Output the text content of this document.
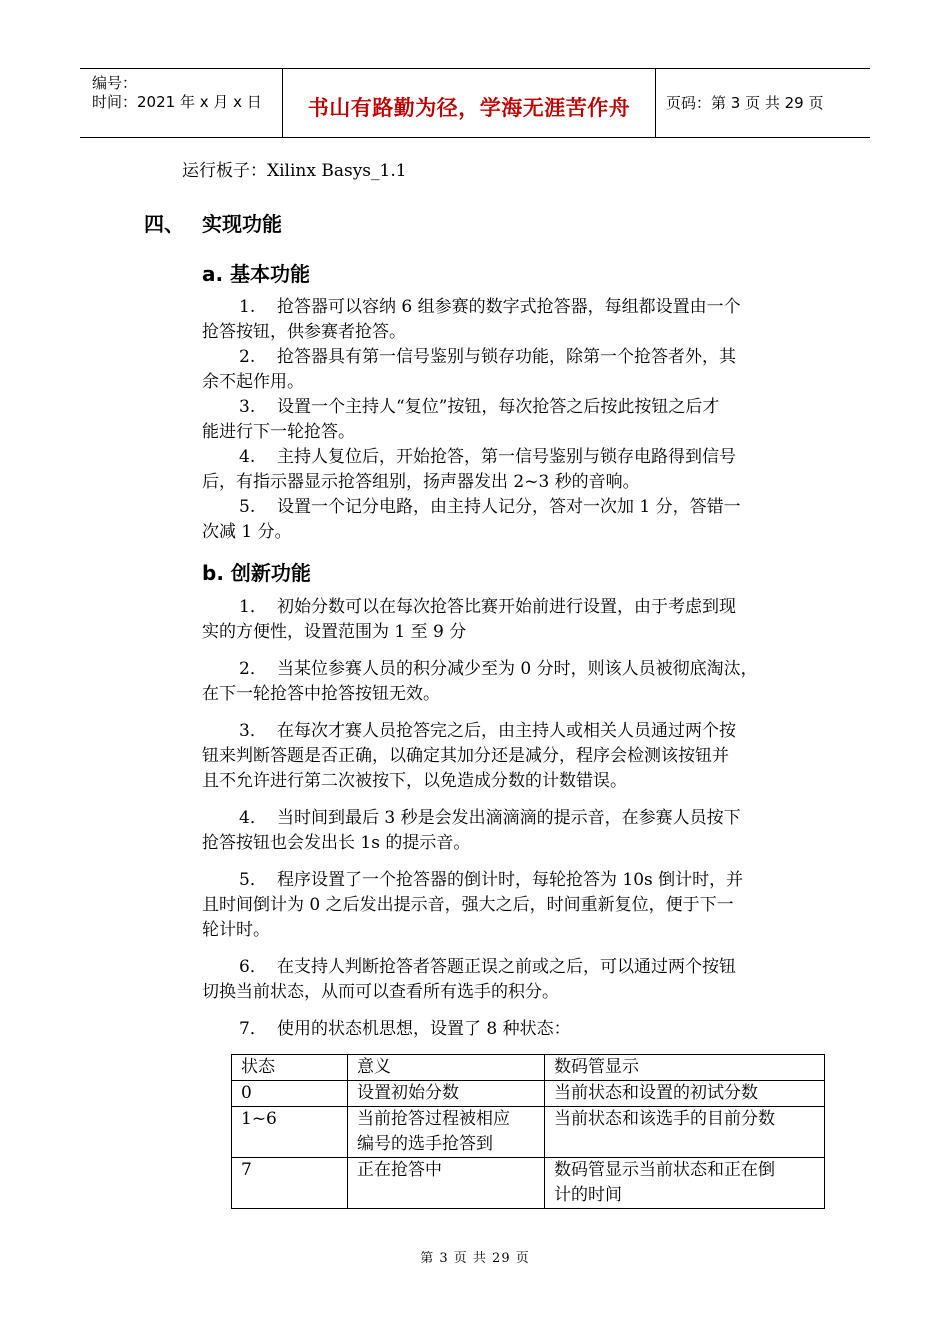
编号：
时间：2021 年 x 月 x 日	书山有路勤为径，学海无涯苦作舟	页码：第 3 页 共 29 页
运行板子：Xilinx Basys_1.1
四、 实现功能
a. 基本功能
1. 抢答器可以容纳 6 组参赛的数字式抢答器，每组都设置由一个
抢答按钮，供参赛者抢答。
2. 抢答器具有第一信号鉴别与锁存功能，除第一个抢答者外，其
余不起作用。
3. 设置一个主持人“复位”按钮，每次抢答之后按此按钮之后才
能进行下一轮抢答。
4. 主持人复位后，开始抢答，第一信号鉴别与锁存电路得到信号
后，有指示器显示抢答组别，扬声器发出 2~3 秒的音响。
5. 设置一个记分电路，由主持人记分，答对一次加 1 分，答错一
次减 1 分。
b. 创新功能
1． 初始分数可以在每次抢答比赛开始前进行设置，由于考虑到现
实的方便性，设置范围为 1 至 9 分
2． 当某位参赛人员的积分减少至为 0 分时，则该人员被彻底淘汰，
在下一轮抢答中抢答按钮无效。
3． 在每次才赛人员抢答完之后，由主持人或相关人员通过两个按
钮来判断答题是否正确，以确定其加分还是减分，程序会检测该按钮并
且不允许进行第二次被按下，以免造成分数的计数错误。
4． 当时间到最后 3 秒是会发出滴滴滴的提示音，在参赛人员按下
抢答按钮也会发出长 1s 的提示音。
5． 程序设置了一个抢答器的倒计时，每轮抢答为 10s 倒计时，并
且时间倒计为 0 之后发出提示音，强大之后，时间重新复位，便于下一
轮计时。
6． 在支持人判断抢答者答题正误之前或之后，可以通过两个按钮
切换当前状态，从而可以查看所有选手的积分。
7． 使用的状态机思想，设置了 8 种状态：
状态	意义	数码管显示
0	设置初始分数	当前状态和设置的初试分数

1~6	当前抢答过程被相应
编号的选手抢答到	当前状态和该选手的目前分数

7	正在抢答中	数码管显示当前状态和正在倒
计的时间
第 3 页 共 29 页
